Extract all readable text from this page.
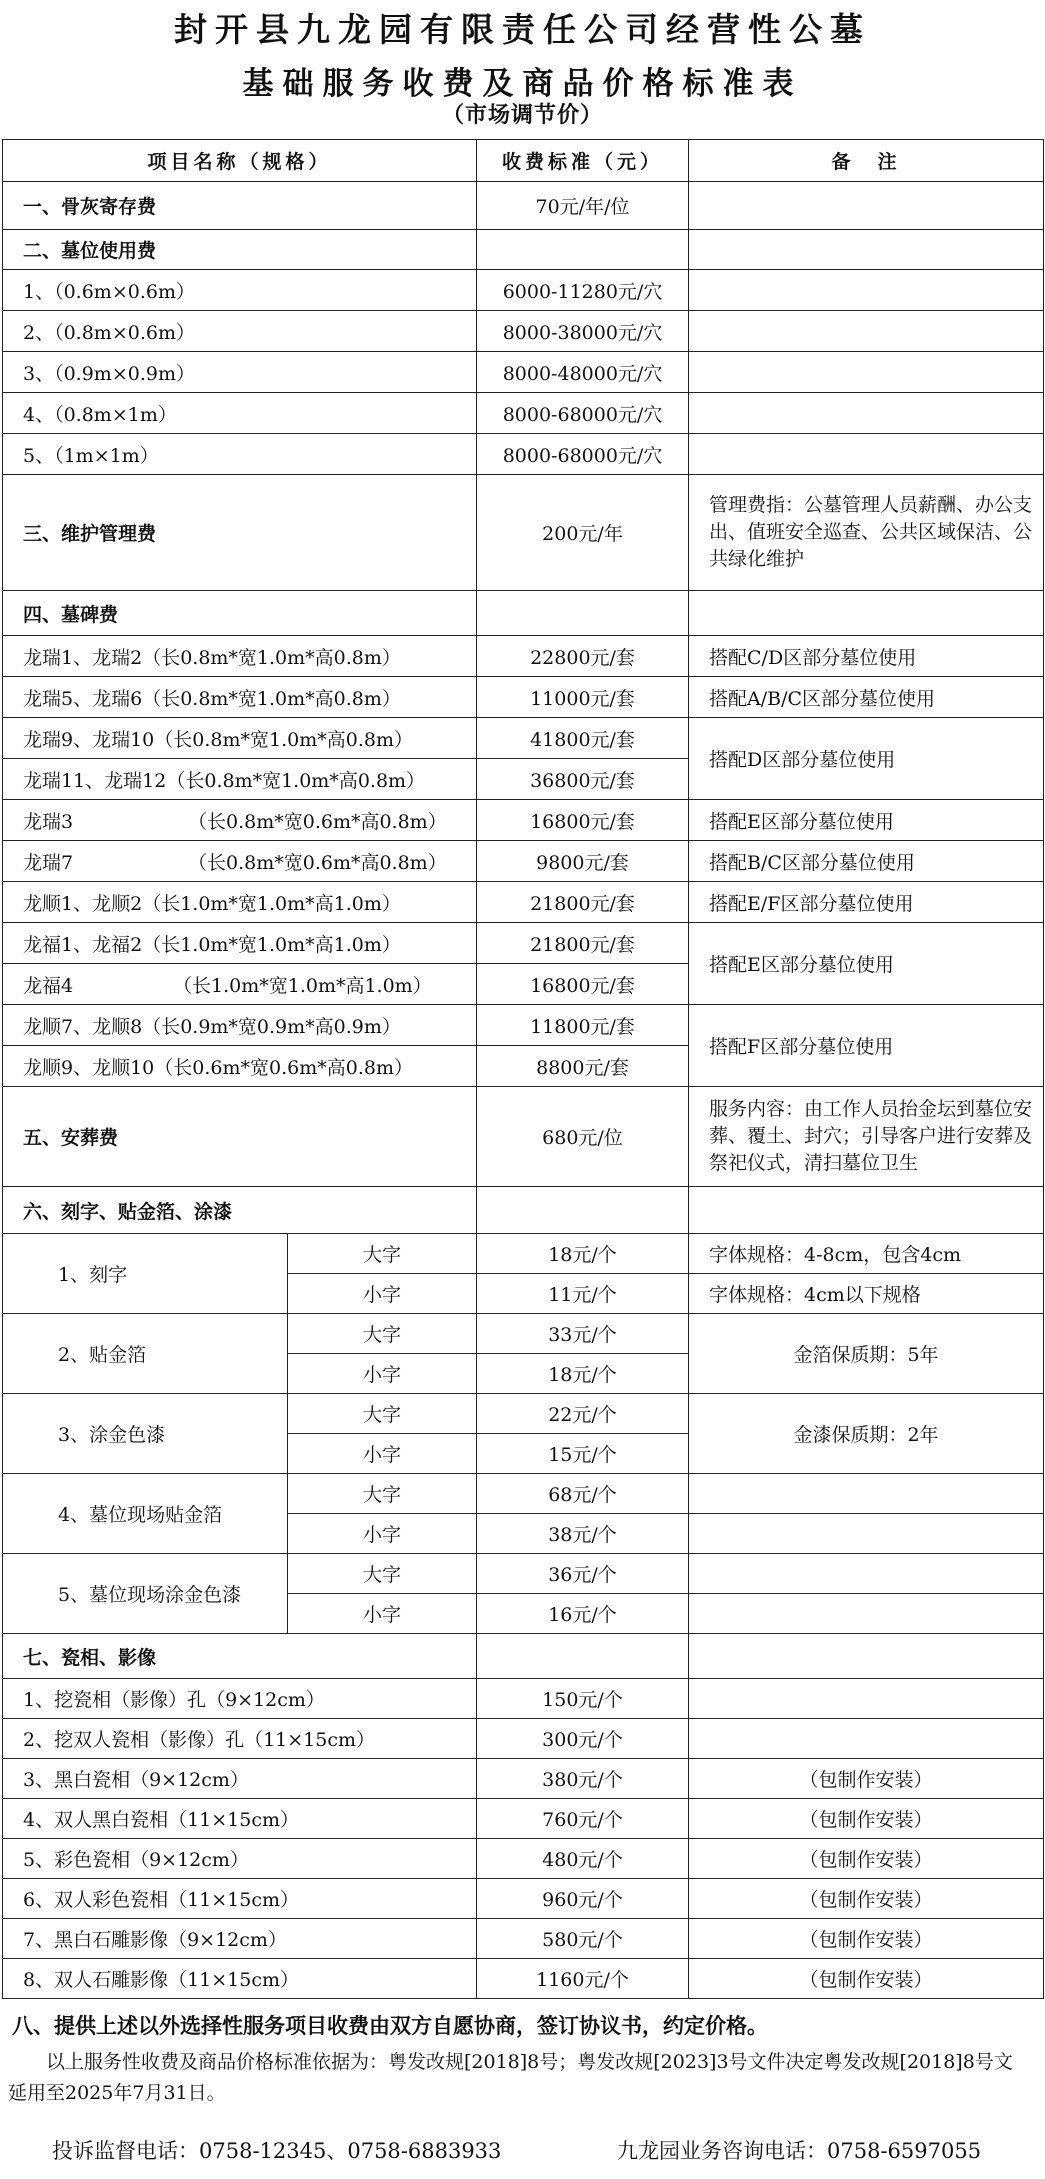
封开县九龙园有限责任公司经营性公墓
基础服务收费及商品价格标准表
（市场调节价）
项目名称（规格）		收费标准（元）	备　注
一、骨灰寄存费		70元/年/位	
二、墓位使用费			
1、（0.6m×0.6m）		6000-11280元/穴	
2、（0.8m×0.6m）		8000-38000元/穴	
3、（0.9m×0.9m）		8000-48000元/穴	
4、（0.8m×1m）		8000-68000元/穴	
5、（1m×1m）		8000-68000元/穴	
三、维护管理费		200元/年	管理费指：公墓管理人员薪酬、办公支出、值班安全巡查、公共区域保洁、公共绿化维护
四、墓碑费			
龙瑞1、龙瑞2（长0.8m*宽1.0m*高0.8m）		22800元/套	搭配C/D区部分墓位使用
龙瑞5、龙瑞6（长0.8m*宽1.0m*高0.8m）		11000元/套	搭配A/B/C区部分墓位使用
龙瑞9、龙瑞10（长0.8m*宽1.0m*高0.8m）		41800元/套	搭配D区部分墓位使用
龙瑞11、龙瑞12（长0.8m*宽1.0m*高0.8m）		36800元/套	
龙瑞3 （长0.8m*宽0.6m*高0.8m）		16800元/套	搭配E区部分墓位使用
龙瑞7 （长0.8m*宽0.6m*高0.8m）		9800元/套	搭配B/C区部分墓位使用
龙顺1、龙顺2（长1.0m*宽1.0m*高1.0m）		21800元/套	搭配E/F区部分墓位使用
龙福1、龙福2（长1.0m*宽1.0m*高1.0m）		21800元/套	搭配E区部分墓位使用
龙福4 （长1.0m*宽1.0m*高1.0m）		16800元/套	
龙顺7、龙顺8（长0.9m*宽0.9m*高0.9m）		11800元/套	搭配F区部分墓位使用
龙顺9、龙顺10（长0.6m*宽0.6m*高0.8m）		8800元/套	
五、安葬费		680元/位	服务内容：由工作人员抬金坛到墓位安葬、覆土、封穴；引导客户进行安葬及祭祀仪式，清扫墓位卫生
六、刻字、贴金箔、涂漆			
1、刻字	大字	18元/个	字体规格：4-8cm，包含4cm
	小字	11元/个	字体规格：4cm以下规格
2、贴金箔	大字	33元/个	金箔保质期：5年
	小字	18元/个	
3、涂金色漆	大字	22元/个	金漆保质期：2年
	小字	15元/个	
4、墓位现场贴金箔	大字	68元/个	
	小字	38元/个	
5、墓位现场涂金色漆	大字	36元/个	
	小字	16元/个	
七、瓷相、影像			
1、挖瓷相（影像）孔（9×12cm）		150元/个	
2、挖双人瓷相（影像）孔（11×15cm）		300元/个	
3、黑白瓷相（9×12cm）		380元/个	（包制作安装）
4、双人黑白瓷相（11×15cm）		760元/个	（包制作安装）
5、彩色瓷相（9×12cm）		480元/个	（包制作安装）
6、双人彩色瓷相（11×15cm）		960元/个	（包制作安装）
7、黑白石雕影像（9×12cm）		580元/个	（包制作安装）
8、双人石雕影像（11×15cm）		1160元/个	（包制作安装）
八、提供上述以外选择性服务项目收费由双方自愿协商，签订协议书，约定价格。
以上服务性收费及商品价格标准依据为：粤发改规[2018]8号；粤发改规[2023]3号文件决定粤发改规[2018]8号文延用至2025年7月31日。
投诉监督电话：0758-12345、0758-6883933	九龙园业务咨询电话：0758-6597055
